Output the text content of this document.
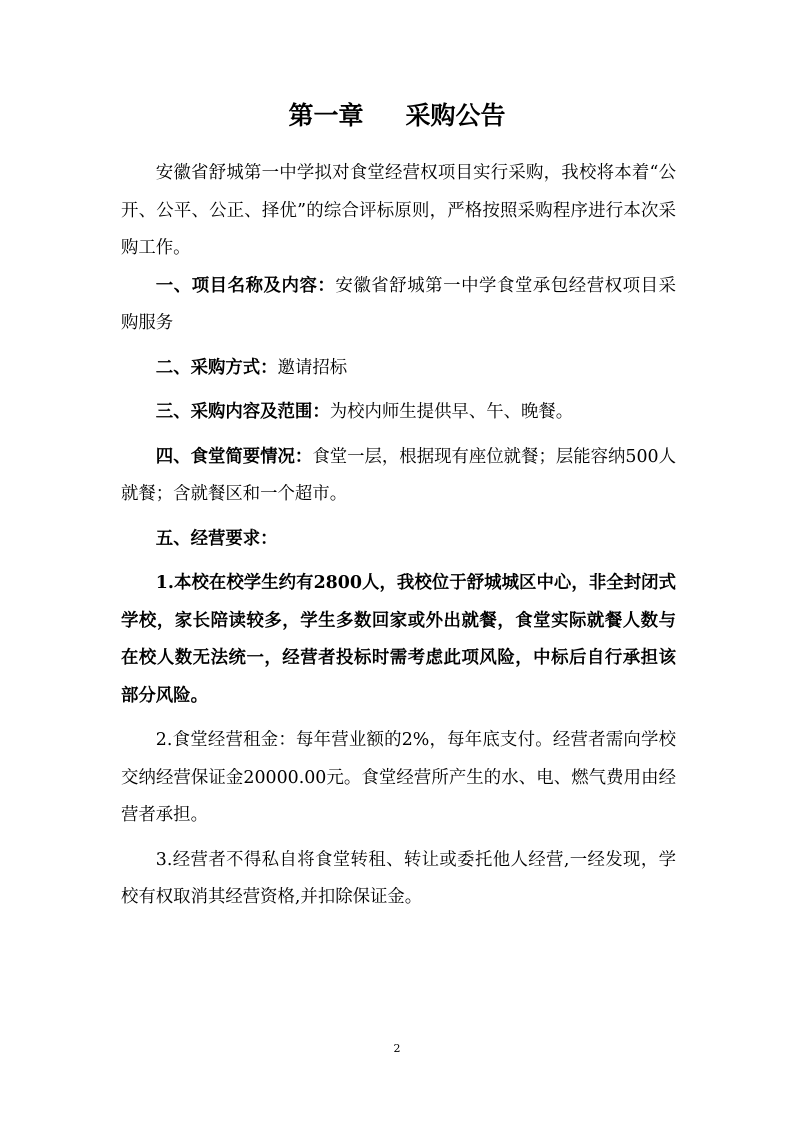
第一章 采购公告

安徽省舒城第一中学拟对食堂经营权项目实行采购，我校将本着“公开、公平、公正、择优”的综合评标原则，严格按照采购程序进行本次采购工作。

一、项目名称及内容：安徽省舒城第一中学食堂承包经营权项目采购服务

二、采购方式：邀请招标

三、采购内容及范围：为校内师生提供早、午、晚餐。

四、食堂简要情况：食堂一层，根据现有座位就餐；层能容纳500人就餐；含就餐区和一个超市。

五、经营要求：

1.本校在校学生约有2800人，我校位于舒城城区中心，非全封闭式学校，家长陪读较多，学生多数回家或外出就餐，食堂实际就餐人数与在校人数无法统一，经营者投标时需考虑此项风险，中标后自行承担该部分风险。

2.食堂经营租金：每年营业额的2%，每年底支付。经营者需向学校交纳经营保证金20000.00元。食堂经营所产生的水、电、燃气费用由经营者承担。

3.经营者不得私自将食堂转租、转让或委托他人经营,一经发现，学校有权取消其经营资格,并扣除保证金。

2
